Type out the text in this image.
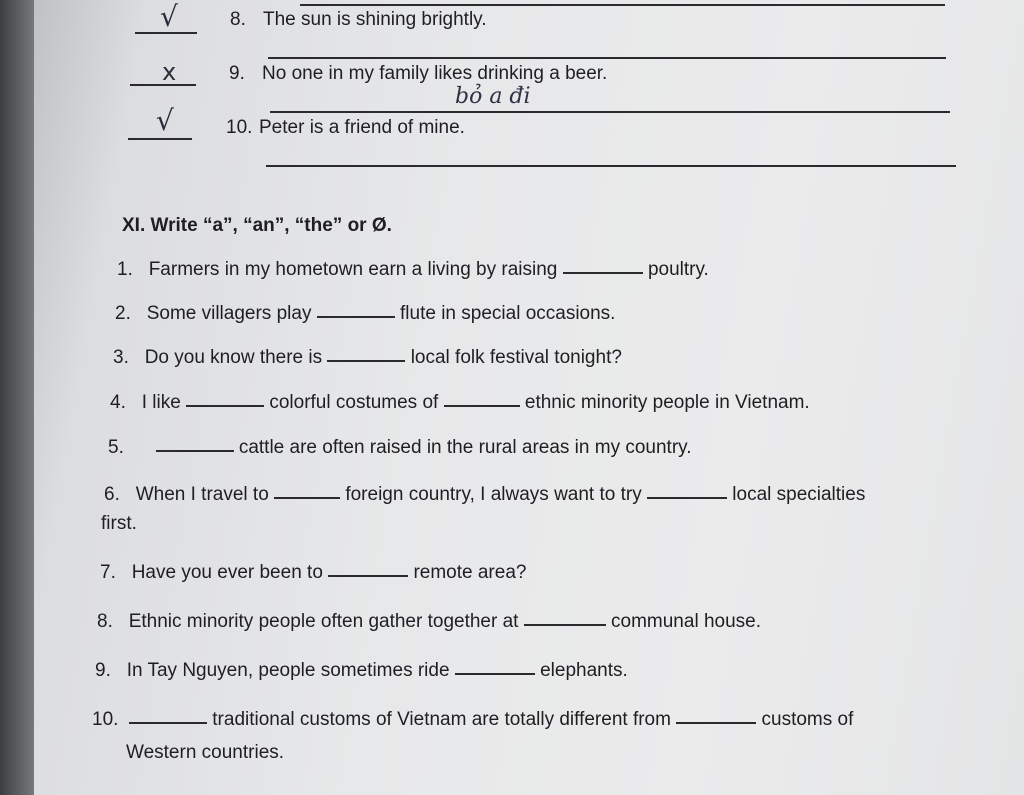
√	8. The sun is shining brightly.
x	9. No one in my family likes drinking a beer.
bỏ a đi
√	10. Peter is a friend of mine.
XI. Write “a”, “an”, “the” or Ø.
1. Farmers in my hometown earn a living by raising	poultry.
2. Some villagers play	flute in special occasions.
3. Do you know there is	local folk festival tonight?
4. I like	colorful costumes of	ethnic minority people in Vietnam.
5.	cattle are often raised in the rural areas in my country.
6. When I travel to	foreign country, I always want to try	local specialties
first.
7. Have you ever been to	remote area?
8. Ethnic minority people often gather together at	communal house.
9. In Tay Nguyen, people sometimes ride	elephants.
10.	traditional customs of Vietnam are totally different from	customs of
Western countries.
